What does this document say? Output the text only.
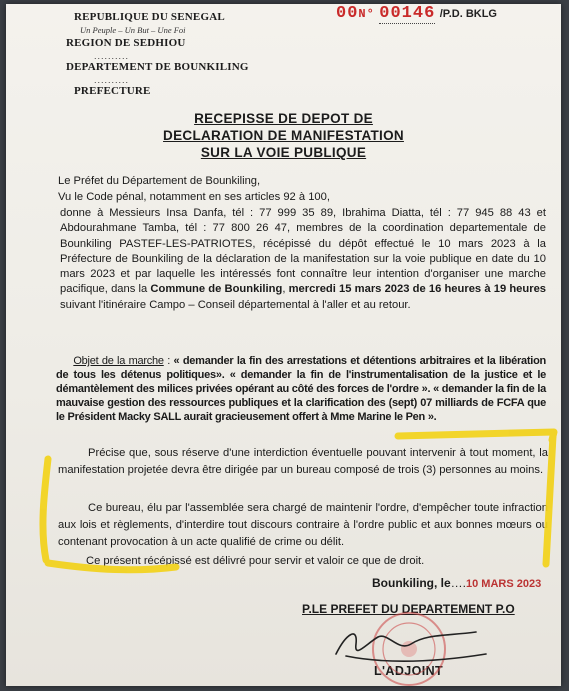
REPUBLIQUE DU SENEGAL
Un Peuple – Un But – Une Foi
REGION DE SEDHIOU
..........
DEPARTEMENT DE BOUNKILING
..........
PREFECTURE
00N° 00146 /P.D. BKLG
RECEPISSE DE DEPOT DE
DECLARATION DE MANIFESTATION
SUR LA VOIE PUBLIQUE
Le Préfet du Département de Bounkiling,
Vu le Code pénal, notamment en ses articles 92 à 100,
donne à Messieurs Insa Danfa, tél : 77 999 35 89, Ibrahima Diatta, tél : 77 945 88 43 et Abdourahmane Tamba, tél : 77 800 26 47, membres de la coordination departementale de Bounkiling PASTEF-LES-PATRIOTES, récépissé du dépôt effectué le 10 mars 2023 à la Préfecture de Bounkiling de la déclaration de la manifestation sur la voie publique en date du 10 mars 2023 et par laquelle les intéressés font connaître leur intention d'organiser une marche pacifique, dans la Commune de Bounkiling, mercredi 15 mars 2023 de 16 heures à 19 heures suivant l'itinéraire Campo – Conseil départemental à l'aller et au retour.
Objet de la marche : « demander la fin des arrestations et détentions arbitraires et la libération de tous les détenus politiques». « demander la fin de l'instrumentalisation de la justice et le démantèlement des milices privées opérant au côté des forces de l'ordre ». « demander la fin de la mauvaise gestion des ressources publiques et la clarification des (sept) 07 milliards de FCFA que le Président Macky SALL aurait gracieusement offert à Mme Marine le Pen ».
Précise que, sous réserve d'une interdiction éventuelle pouvant intervenir à tout moment, la manifestation projetée devra être dirigée par un bureau composé de trois (3) personnes au moins.
Ce bureau, élu par l'assemblée sera chargé de maintenir l'ordre, d'empêcher toute infraction aux lois et règlements, d'interdire tout discours contraire à l'ordre public et aux bonnes mœurs ou contenant provocation à un acte qualifié de crime ou délit.
Ce présent récépissé est délivré pour servir et valoir ce que de droit.
Bounkiling, le….10 MARS 2023
P.LE PREFET DU DEPARTEMENT P.O
L'ADJOINT
